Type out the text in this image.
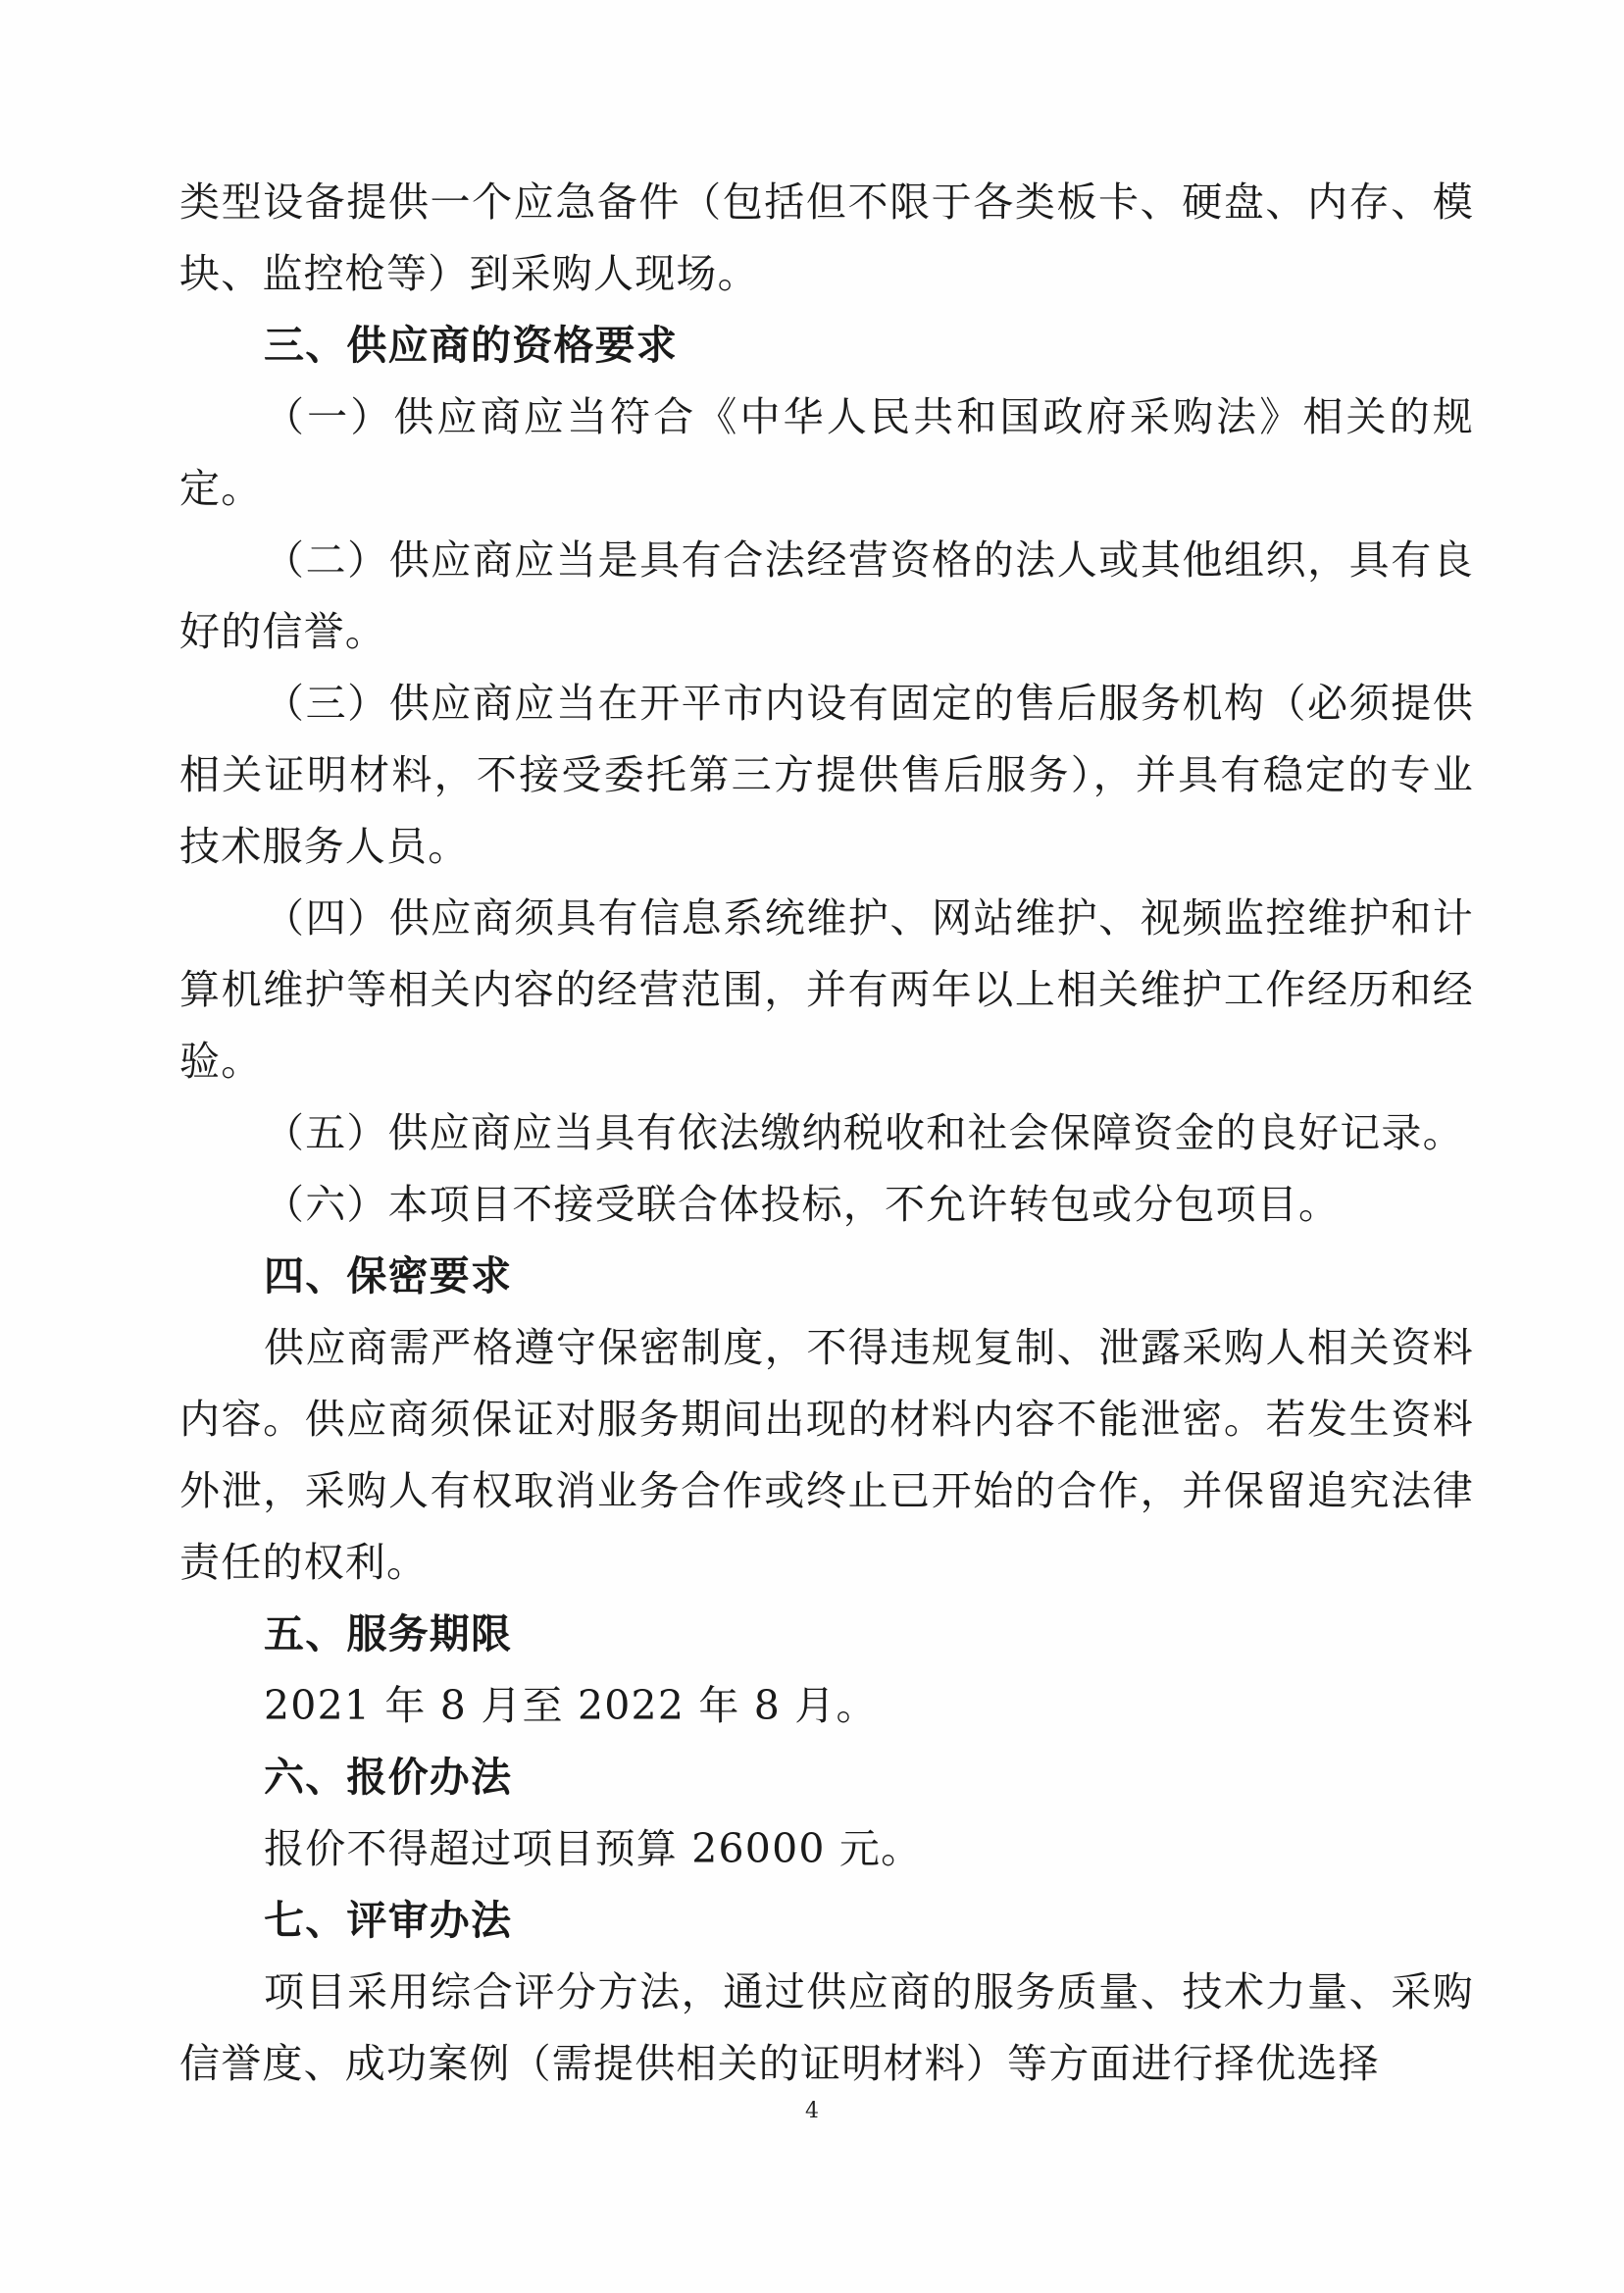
类型设备提供一个应急备件（包括但不限于各类板卡、硬盘、内存、模块、监控枪等）到采购人现场。

三、供应商的资格要求

（一）供应商应当符合《中华人民共和国政府采购法》相关的规定。

（二）供应商应当是具有合法经营资格的法人或其他组织，具有良好的信誉。

（三）供应商应当在开平市内设有固定的售后服务机构（必须提供相关证明材料，不接受委托第三方提供售后服务），并具有稳定的专业技术服务人员。

（四）供应商须具有信息系统维护、网站维护、视频监控维护和计算机维护等相关内容的经营范围，并有两年以上相关维护工作经历和经验。

（五）供应商应当具有依法缴纳税收和社会保障资金的良好记录。

（六）本项目不接受联合体投标，不允许转包或分包项目。

四、保密要求

供应商需严格遵守保密制度，不得违规复制、泄露采购人相关资料内容。供应商须保证对服务期间出现的材料内容不能泄密。若发生资料外泄，采购人有权取消业务合作或终止已开始的合作，并保留追究法律责任的权利。

五、服务期限

2021 年 8 月至 2022 年 8 月。

六、报价办法

报价不得超过项目预算 26000 元。

七、评审办法

项目采用综合评分方法，通过供应商的服务质量、技术力量、采购信誉度、成功案例（需提供相关的证明材料）等方面进行择优选择

4
